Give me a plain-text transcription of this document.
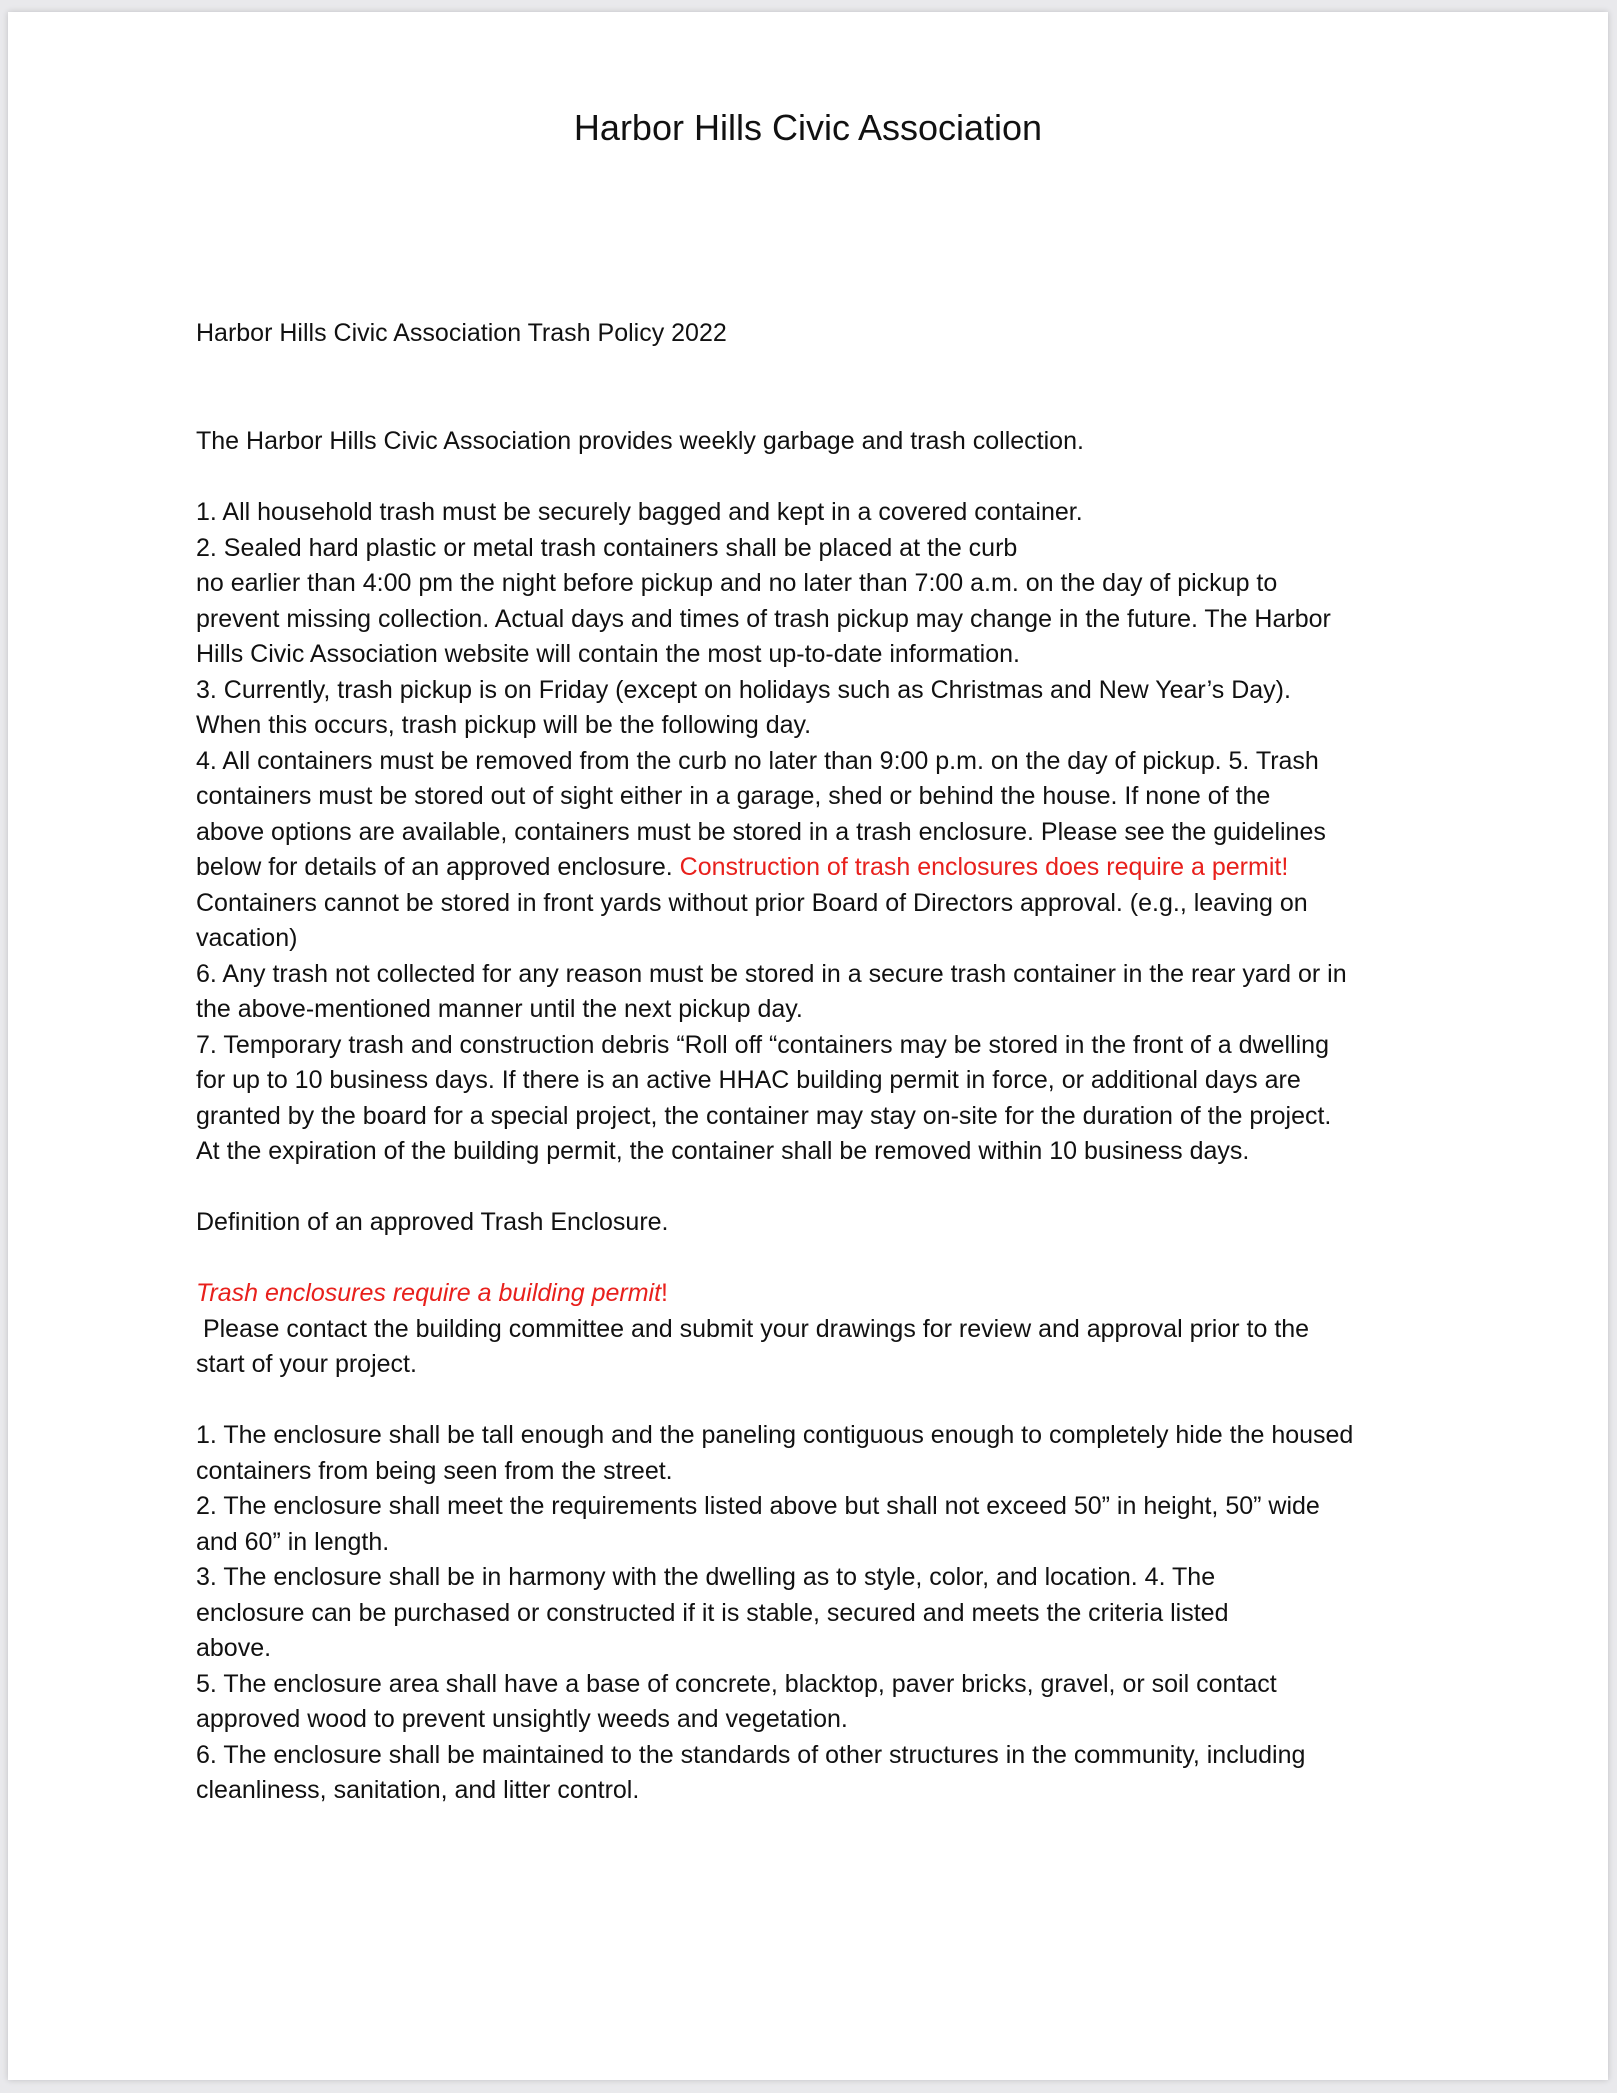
Harbor Hills Civic Association
Harbor Hills Civic Association Trash Policy 2022
The Harbor Hills Civic Association provides weekly garbage and trash collection.
1. All household trash must be securely bagged and kept in a covered container.
2. Sealed hard plastic or metal trash containers shall be placed at the curb
no earlier than 4:00 pm the night before pickup and no later than 7:00 a.m. on the day of pickup to
prevent missing collection. Actual days and times of trash pickup may change in the future. The Harbor
Hills Civic Association website will contain the most up-to-date information.
3. Currently, trash pickup is on Friday (except on holidays such as Christmas and New Year’s Day).
When this occurs, trash pickup will be the following day.
4. All containers must be removed from the curb no later than 9:00 p.m. on the day of pickup. 5. Trash
containers must be stored out of sight either in a garage, shed or behind the house. If none of the
above options are available, containers must be stored in a trash enclosure. Please see the guidelines
below for details of an approved enclosure. Construction of trash enclosures does require a permit!
Containers cannot be stored in front yards without prior Board of Directors approval. (e.g., leaving on
vacation)
6. Any trash not collected for any reason must be stored in a secure trash container in the rear yard or in
the above-mentioned manner until the next pickup day.
7. Temporary trash and construction debris “Roll off “containers may be stored in the front of a dwelling
for up to 10 business days. If there is an active HHAC building permit in force, or additional days are
granted by the board for a special project, the container may stay on-site for the duration of the project.
At the expiration of the building permit, the container shall be removed within 10 business days.
Definition of an approved Trash Enclosure.
Trash enclosures require a building permit!
Please contact the building committee and submit your drawings for review and approval prior to the
start of your project.
1. The enclosure shall be tall enough and the paneling contiguous enough to completely hide the housed
containers from being seen from the street.
2. The enclosure shall meet the requirements listed above but shall not exceed 50” in height, 50” wide
and 60” in length.
3. The enclosure shall be in harmony with the dwelling as to style, color, and location. 4. The
enclosure can be purchased or constructed if it is stable, secured and meets the criteria listed
above.
5. The enclosure area shall have a base of concrete, blacktop, paver bricks, gravel, or soil contact
approved wood to prevent unsightly weeds and vegetation.
6. The enclosure shall be maintained to the standards of other structures in the community, including
cleanliness, sanitation, and litter control.
